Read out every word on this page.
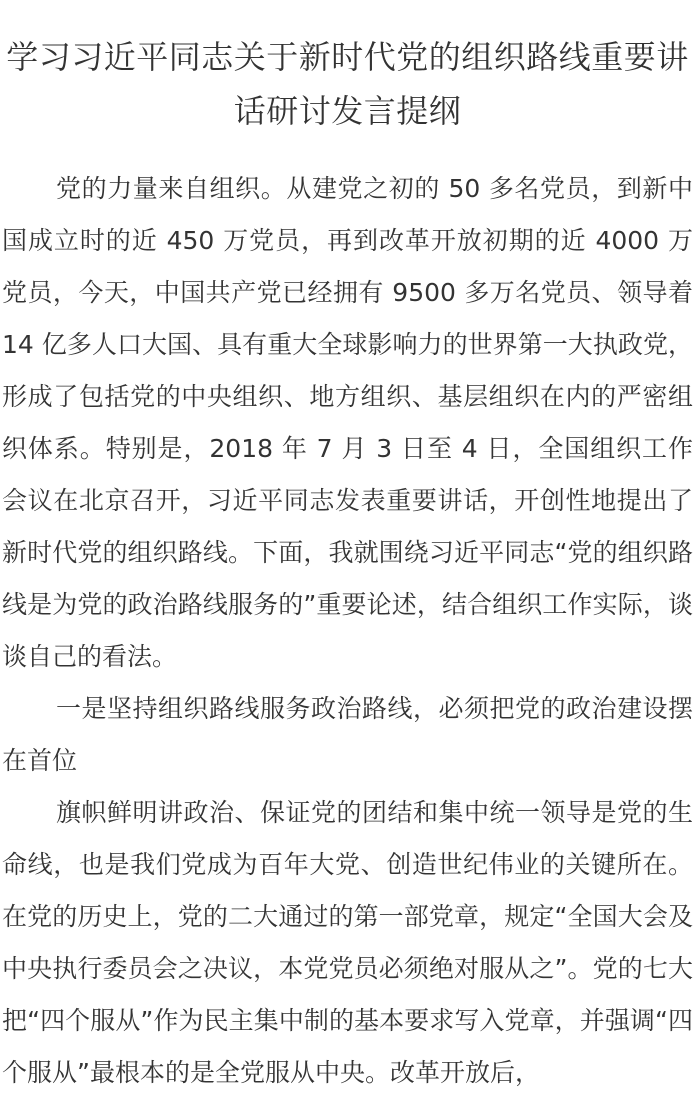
学习习近平同志关于新时代党的组织路线重要讲话研讨发言提纲

党的力量来自组织。从建党之初的 50 多名党员，到新中国成立时的近 450 万党员，再到改革开放初期的近 4000 万党员，今天，中国共产党已经拥有 9500 多万名党员、领导着 14 亿多人口大国、具有重大全球影响力的世界第一大执政党，形成了包括党的中央组织、地方组织、基层组织在内的严密组织体系。特别是，2018 年 7 月 3 日至 4 日，全国组织工作会议在北京召开，习近平同志发表重要讲话，开创性地提出了新时代党的组织路线。下面，我就围绕习近平同志“党的组织路线是为党的政治路线服务的”重要论述，结合组织工作实际，谈谈自己的看法。

一是坚持组织路线服务政治路线，必须把党的政治建设摆在首位

旗帜鲜明讲政治、保证党的团结和集中统一领导是党的生命线，也是我们党成为百年大党、创造世纪伟业的关键所在。在党的历史上，党的二大通过的第一部党章，规定“全国大会及中央执行委员会之决议，本党党员必须绝对服从之”。党的七大把“四个服从”作为民主集中制的基本要求写入党章，并强调“四个服从”最根本的是全党服从中央。改革开放后，
